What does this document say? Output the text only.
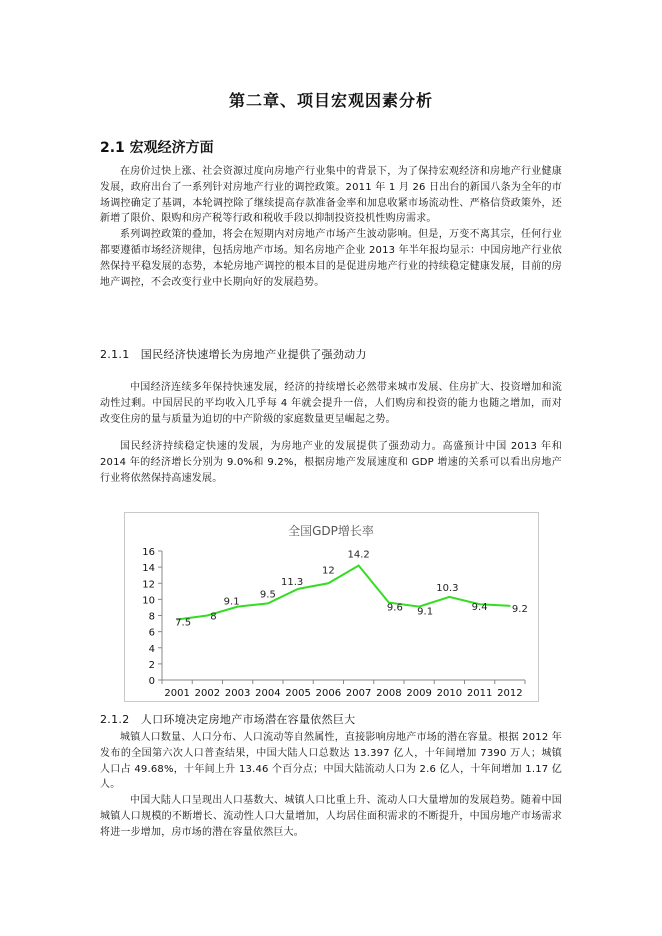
第二章、项目宏观因素分析
2.1 宏观经济方面

在房价过快上涨、社会资源过度向房地产行业集中的背景下，为了保持宏观经济和房地产行业健康发展，政府出台了一系列针对房地产行业的调控政策。2011 年 1 月 26 日出台的新国八条为全年的市场调控确定了基调，本轮调控除了继续提高存款准备金率和加息收紧市场流动性、严格信贷政策外，还新增了限价、限购和房产税等行政和税收手段以抑制投资投机性购房需求。

系列调控政策的叠加，将会在短期内对房地产市场产生波动影响。但是，万变不离其宗，任何行业都要遵循市场经济规律，包括房地产市场。知名房地产企业 2013 年半年报均显示：中国房地产行业依然保持平稳发展的态势，本轮房地产调控的根本目的是促进房地产行业的持续稳定健康发展，目前的房地产调控，不会改变行业中长期向好的发展趋势。

2.1.1　国民经济快速增长为房地产业提供了强劲动力

中国经济连续多年保持快速发展，经济的持续增长必然带来城市发展、住房扩大、投资增加和流动性过剩。中国居民的平均收入几乎每 4 年就会提升一倍，人们购房和投资的能力也随之增加，而对改变住房的量与质量为迫切的中产阶级的家庭数量更呈崛起之势。

国民经济持续稳定快速的发展，为房地产业的发展提供了强劲动力。高盛预计中国 2013 年和 2014 年的经济增长分别为 9.0%和 9.2%，根据房地产发展速度和 GDP 增速的关系可以看出房地产行业将依然保持高速发展。

全国GDP增长率
0
2
4
6
8
10
12
14
16
2001 2002 2003 2004 2005 2006 2007 2008 2009 2010 2011 2012
7.5
8
9.1
9.5
11.3
12
14.2
9.6 9.1
10.3
9.4 9.2
2.1.2　人口环境决定房地产市场潜在容量依然巨大

城镇人口数量、人口分布、人口流动等自然属性，直接影响房地产市场的潜在容量。根据 2012 年发布的全国第六次人口普查结果，中国大陆人口总数达 13.397 亿人，十年间增加 7390 万人；城镇人口占 49.68%，十年间上升 13.46 个百分点；中国大陆流动人口为 2.6 亿人，十年间增加 1.17 亿人。

中国大陆人口呈现出人口基数大、城镇人口比重上升、流动人口大量增加的发展趋势。随着中国城镇人口规模的不断增长、流动性人口大量增加，人均居住面积需求的不断提升，中国房地产市场需求将进一步增加，房市场的潜在容量依然巨大。
